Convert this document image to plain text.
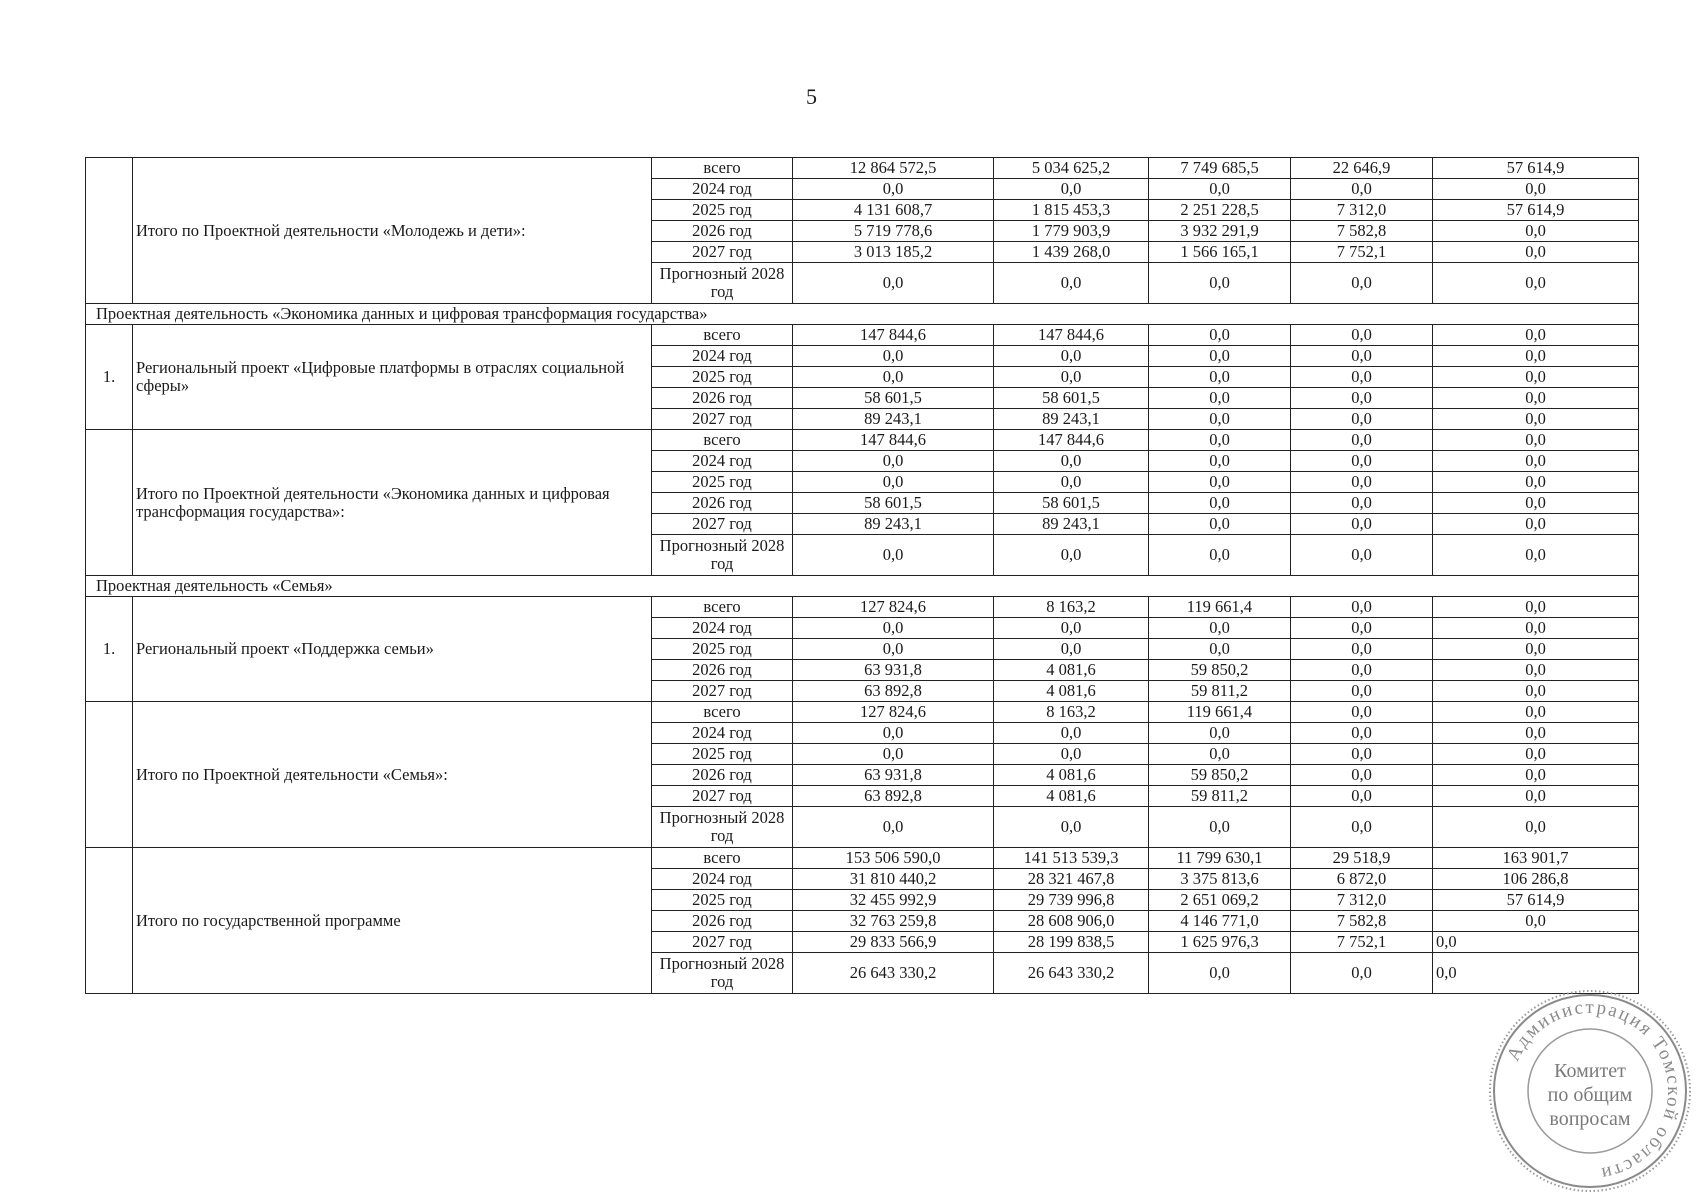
5
	Итого по Проектной деятельности «Молодежь и дети»:	всего	12 864 572,5	5 034 625,2	7 749 685,5	22 646,9	57 614,9
		2024 год	0,0	0,0	0,0	0,0	0,0
		2025 год	4 131 608,7	1 815 453,3	2 251 228,5	7 312,0	57 614,9
		2026 год	5 719 778,6	1 779 903,9	3 932 291,9	7 582,8	0,0
		2027 год	3 013 185,2	1 439 268,0	1 566 165,1	7 752,1	0,0
		Прогнозный 2028 год	0,0	0,0	0,0	0,0	0,0
Проектная деятельность «Экономика данных и цифровая трансформация государства»							
1.	Региональный проект «Цифровые платформы в отраслях социальной сферы»	всего	147 844,6	147 844,6	0,0	0,0	0,0
		2024 год	0,0	0,0	0,0	0,0	0,0
		2025 год	0,0	0,0	0,0	0,0	0,0
		2026 год	58 601,5	58 601,5	0,0	0,0	0,0
		2027 год	89 243,1	89 243,1	0,0	0,0	0,0
	Итого по Проектной деятельности «Экономика данных и цифровая трансформация государства»:	всего	147 844,6	147 844,6	0,0	0,0	0,0
		2024 год	0,0	0,0	0,0	0,0	0,0
		2025 год	0,0	0,0	0,0	0,0	0,0
		2026 год	58 601,5	58 601,5	0,0	0,0	0,0
		2027 год	89 243,1	89 243,1	0,0	0,0	0,0
		Прогнозный 2028 год	0,0	0,0	0,0	0,0	0,0
Проектная деятельность «Семья»							
1.	Региональный проект «Поддержка семьи»	всего	127 824,6	8 163,2	119 661,4	0,0	0,0
		2024 год	0,0	0,0	0,0	0,0	0,0
		2025 год	0,0	0,0	0,0	0,0	0,0
		2026 год	63 931,8	4 081,6	59 850,2	0,0	0,0
		2027 год	63 892,8	4 081,6	59 811,2	0,0	0,0
	Итого по Проектной деятельности «Семья»:	всего	127 824,6	8 163,2	119 661,4	0,0	0,0
		2024 год	0,0	0,0	0,0	0,0	0,0
		2025 год	0,0	0,0	0,0	0,0	0,0
		2026 год	63 931,8	4 081,6	59 850,2	0,0	0,0
		2027 год	63 892,8	4 081,6	59 811,2	0,0	0,0
		Прогнозный 2028 год	0,0	0,0	0,0	0,0	0,0
	Итого по государственной программе	всего	153 506 590,0	141 513 539,3	11 799 630,1	29 518,9	163 901,7
		2024 год	31 810 440,2	28 321 467,8	3 375 813,6	6 872,0	106 286,8
		2025 год	32 455 992,9	29 739 996,8	2 651 069,2	7 312,0	57 614,9
		2026 год	32 763 259,8	28 608 906,0	4 146 771,0	7 582,8	0,0
		2027 год	29 833 566,9	28 199 838,5	1 625 976,3	7 752,1	0,0
		Прогнозный 2028 год	26 643 330,2	26 643 330,2	0,0	0,0	0,0
Администрация Томской области
Комитет
по общим
вопросам
